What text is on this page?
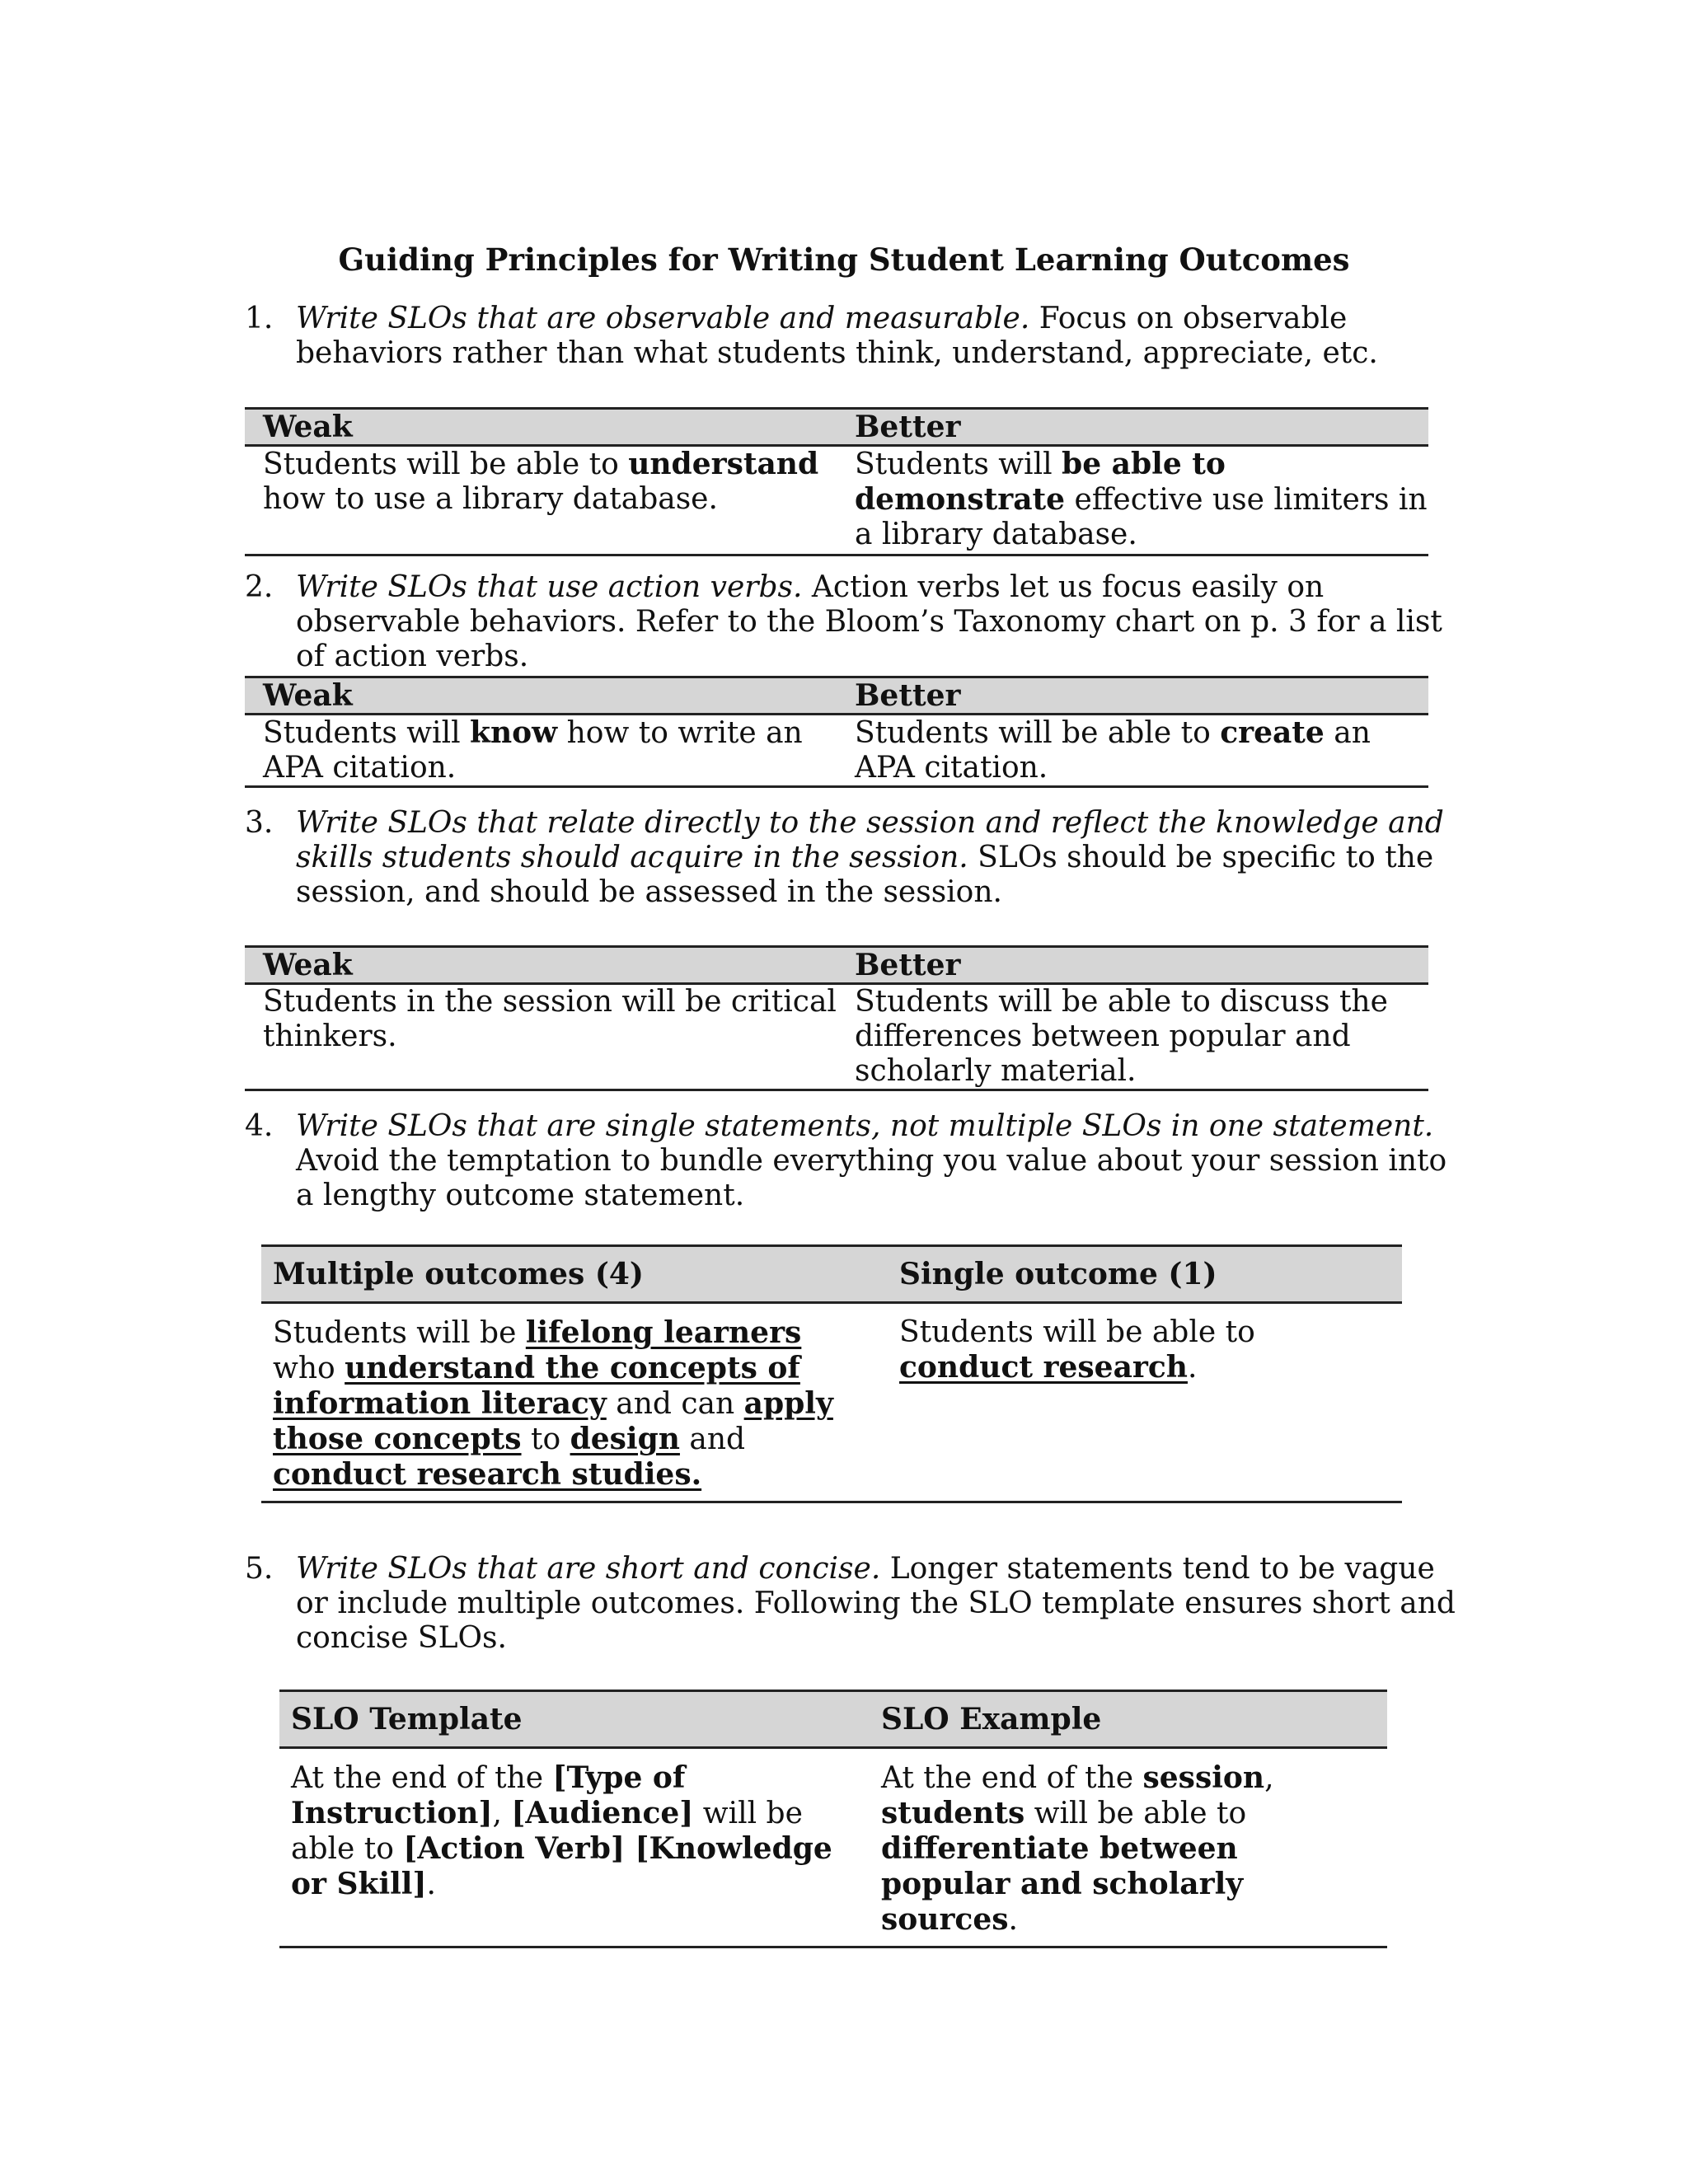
Guiding Principles for Writing Student Learning Outcomes
1. Write SLOs that are observable and measurable. Focus on observable behaviors rather than what students think, understand, appreciate, etc.
Weak	Better
Students will be able to understand how to use a library database.	Students will be able to demonstrate effective use limiters in a library database.
2. Write SLOs that use action verbs. Action verbs let us focus easily on observable behaviors. Refer to the Bloom’s Taxonomy chart on p. 3 for a list of action verbs.
Weak	Better
Students will know how to write an APA citation.	Students will be able to create an APA citation.
3. Write SLOs that relate directly to the session and reflect the knowledge and skills students should acquire in the session. SLOs should be specific to the session, and should be assessed in the session.
Weak	Better
Students in the session will be critical thinkers.	Students will be able to discuss the differences between popular and scholarly material.
4. Write SLOs that are single statements, not multiple SLOs in one statement. Avoid the temptation to bundle everything you value about your session into a lengthy outcome statement.
Multiple outcomes (4)	Single outcome (1)
Students will be lifelong learners who understand the concepts of information literacy and can apply those concepts to design and conduct research studies.	Students will be able to conduct research.
5. Write SLOs that are short and concise. Longer statements tend to be vague or include multiple outcomes. Following the SLO template ensures short and concise SLOs.
SLO Template	SLO Example
At the end of the [Type of Instruction], [Audience] will be able to [Action Verb] [Knowledge or Skill].	At the end of the session, students will be able to differentiate between popular and scholarly sources.
